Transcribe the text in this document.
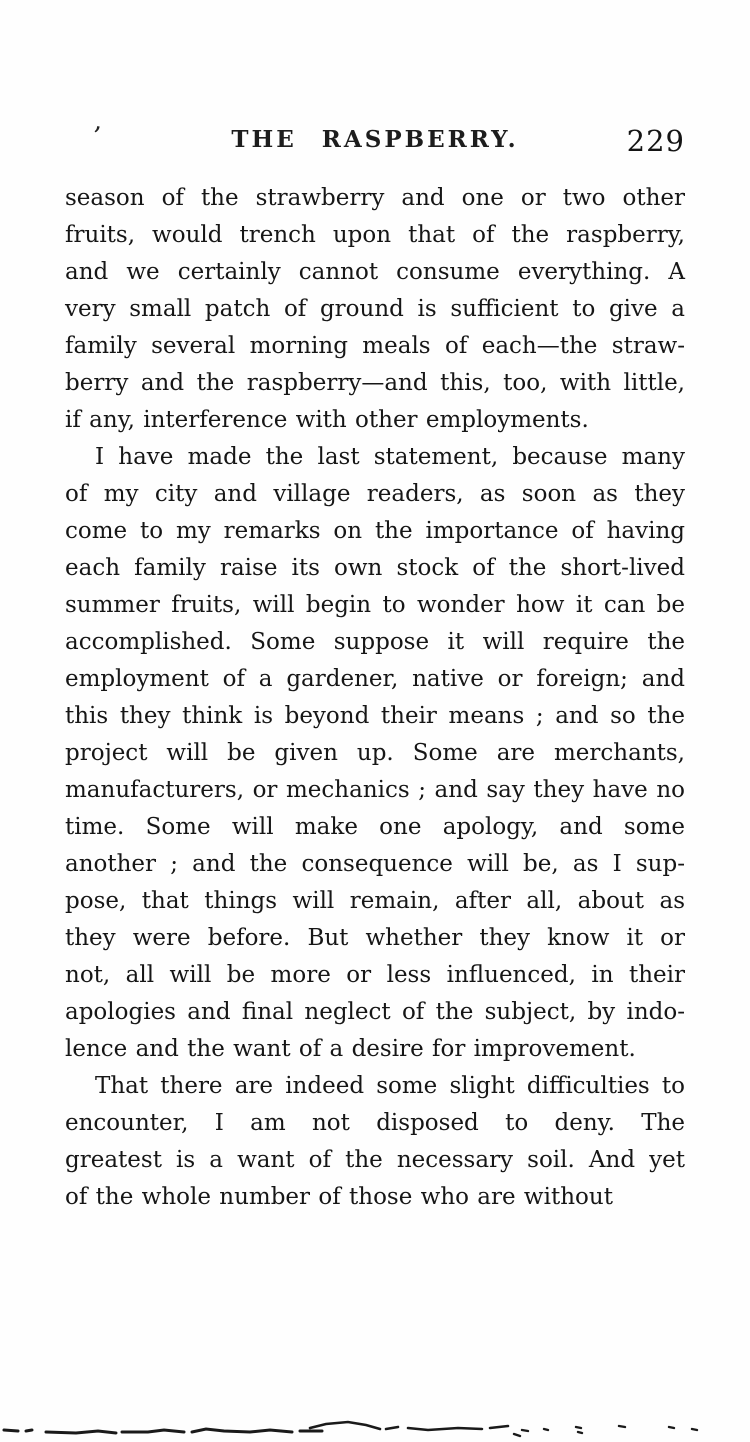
’	THE RASPBERRY.	229
season of the strawberry and one or two other
fruits, would trench upon that of the raspberry,
and we certainly cannot consume everything. A
very small patch of ground is sufficient to give a
family several morning meals of each—the straw-
berry and the raspberry—and this, too, with little,
if any, interference with other employments.
I have made the last statement, because many
of my city and village readers, as soon as they
come to my remarks on the importance of having
each family raise its own stock of the short-lived
summer fruits, will begin to wonder how it can be
accomplished. Some suppose it will require the
employment of a gardener, native or foreign; and
this they think is beyond their means ; and so the
project will be given up. Some are merchants,
manufacturers, or mechanics ; and say they have no
time. Some will make one apology, and some
another ; and the consequence will be, as I sup-
pose, that things will remain, after all, about as
they were before. But whether they know it or
not, all will be more or less influenced, in their
apologies and final neglect of the subject, by indo-
lence and the want of a desire for improvement.
That there are indeed some slight difficulties to
encounter, I am not disposed to deny. The
greatest is a want of the necessary soil. And yet
of the whole number of those who are without
